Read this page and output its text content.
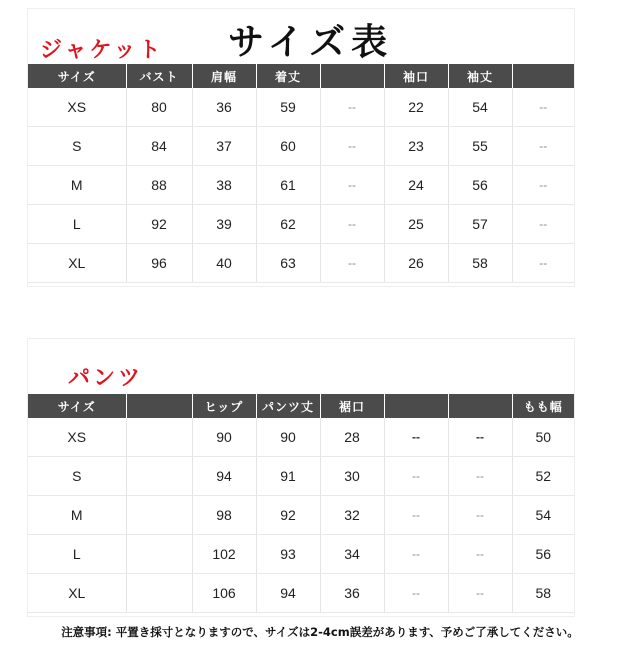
ジャケット サイズ表
サイズ	バスト	肩幅	着丈		袖口	袖丈	
XS	80	36	59	--	22	54	--
S	84	37	60	--	23	55	--
M	88	38	61	--	24	56	--
L	92	39	62	--	25	57	--
XL	96	40	63	--	26	58	--
パンツ
サイズ		ヒップ	パンツ丈	裾口			もも幅
XS		90	90	28	--	--	50
S		94	91	30	--	--	52
M		98	92	32	--	--	54
L		102	93	34	--	--	56
XL		106	94	36	--	--	58
注意事項: 平置き採寸となりますので、サイズは2-4cm誤差があります、予めご了承してください。
